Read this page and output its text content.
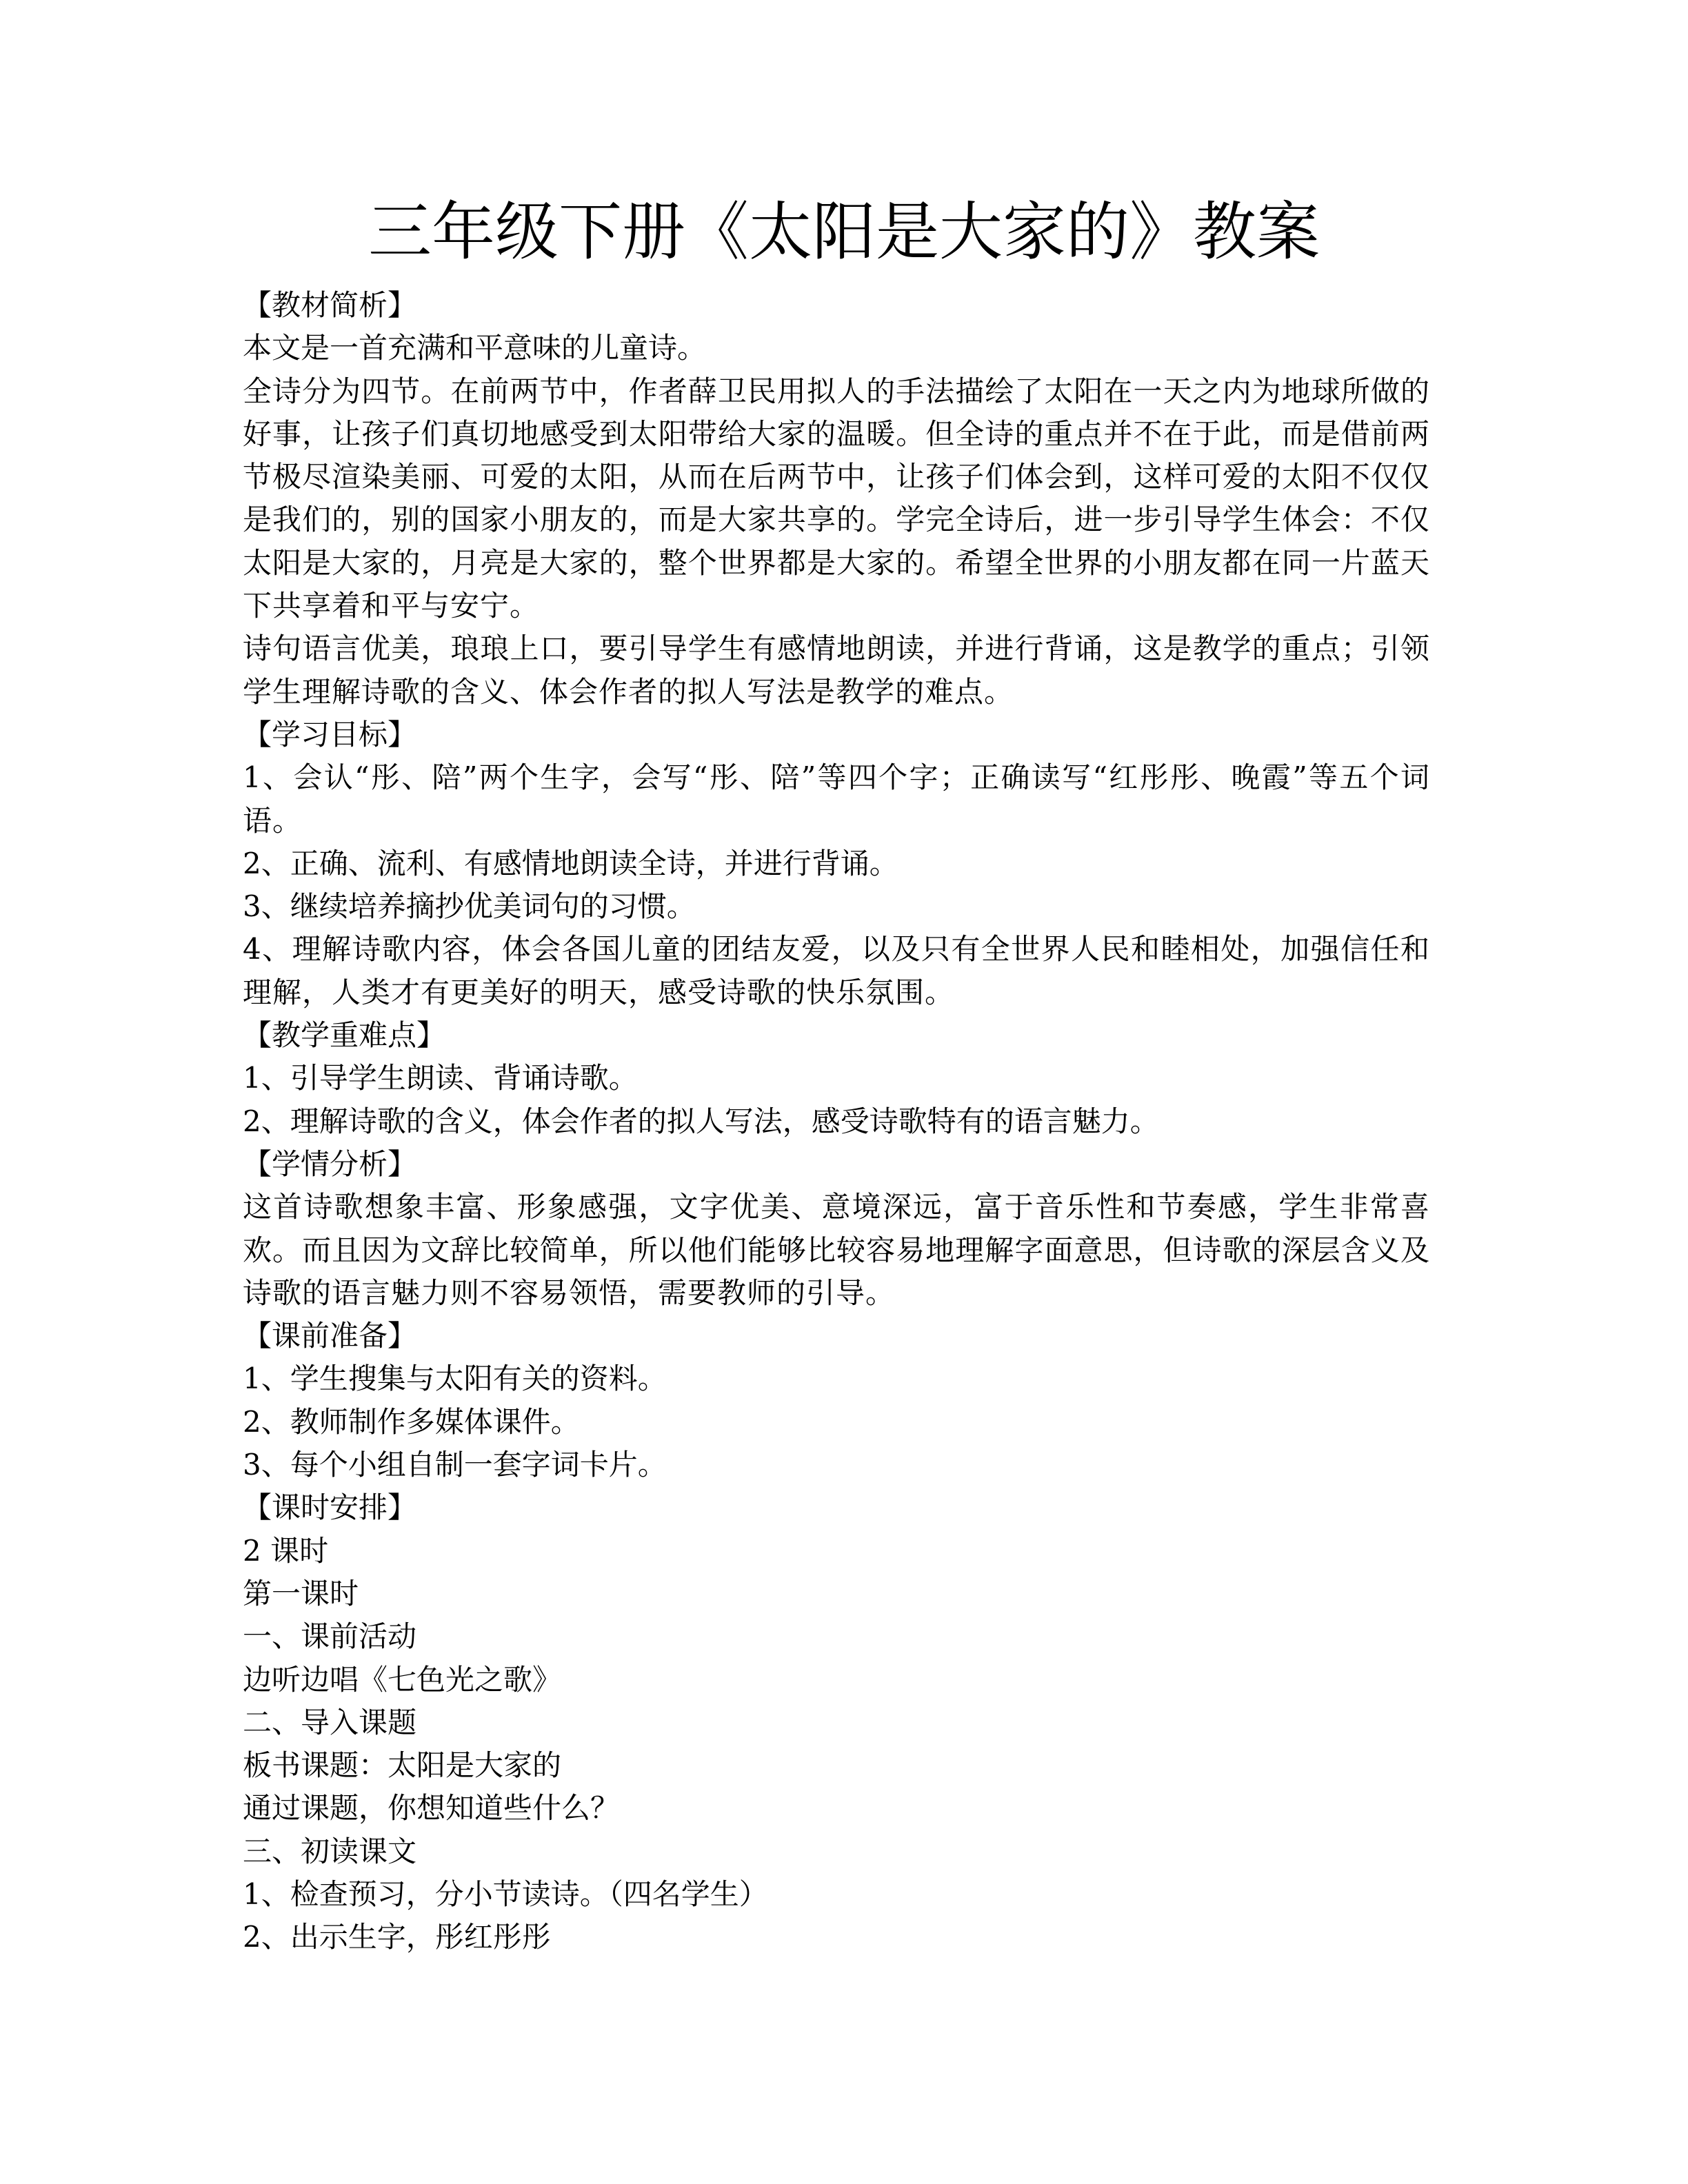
三年级下册《太阳是大家的》教案

【教材简析】

本文是一首充满和平意味的儿童诗。

全诗分为四节。在前两节中，作者薛卫民用拟人的手法描绘了太阳在一天之内为地球所做的好事，让孩子们真切地感受到太阳带给大家的温暖。但全诗的重点并不在于此，而是借前两节极尽渲染美丽、可爱的太阳，从而在后两节中，让孩子们体会到，这样可爱的太阳不仅仅是我们的，别的国家小朋友的，而是大家共享的。学完全诗后，进一步引导学生体会：不仅太阳是大家的，月亮是大家的，整个世界都是大家的。希望全世界的小朋友都在同一片蓝天下共享着和平与安宁。

诗句语言优美，琅琅上口，要引导学生有感情地朗读，并进行背诵，这是教学的重点；引领学生理解诗歌的含义、体会作者的拟人写法是教学的难点。

【学习目标】

1、会认“彤、陪”两个生字，会写“彤、陪”等四个字；正确读写“红彤彤、晚霞”等五个词语。

2、正确、流利、有感情地朗读全诗，并进行背诵。

3、继续培养摘抄优美词句的习惯。

4、理解诗歌内容，体会各国儿童的团结友爱，以及只有全世界人民和睦相处，加强信任和理解，人类才有更美好的明天，感受诗歌的快乐氛围。

【教学重难点】

1、引导学生朗读、背诵诗歌。

2、理解诗歌的含义，体会作者的拟人写法，感受诗歌特有的语言魅力。

【学情分析】

这首诗歌想象丰富、形象感强，文字优美、意境深远，富于音乐性和节奏感，学生非常喜欢。而且因为文辞比较简单，所以他们能够比较容易地理解字面意思，但诗歌的深层含义及诗歌的语言魅力则不容易领悟，需要教师的引导。

【课前准备】

1、学生搜集与太阳有关的资料。

2、教师制作多媒体课件。

3、每个小组自制一套字词卡片。

【课时安排】

2 课时

第一课时

一、课前活动

边听边唱《七色光之歌》

二、导入课题

板书课题：太阳是大家的

通过课题，你想知道些什么？

三、初读课文

1、检查预习，分小节读诗。（四名学生）

2、出示生字，彤红彤彤
